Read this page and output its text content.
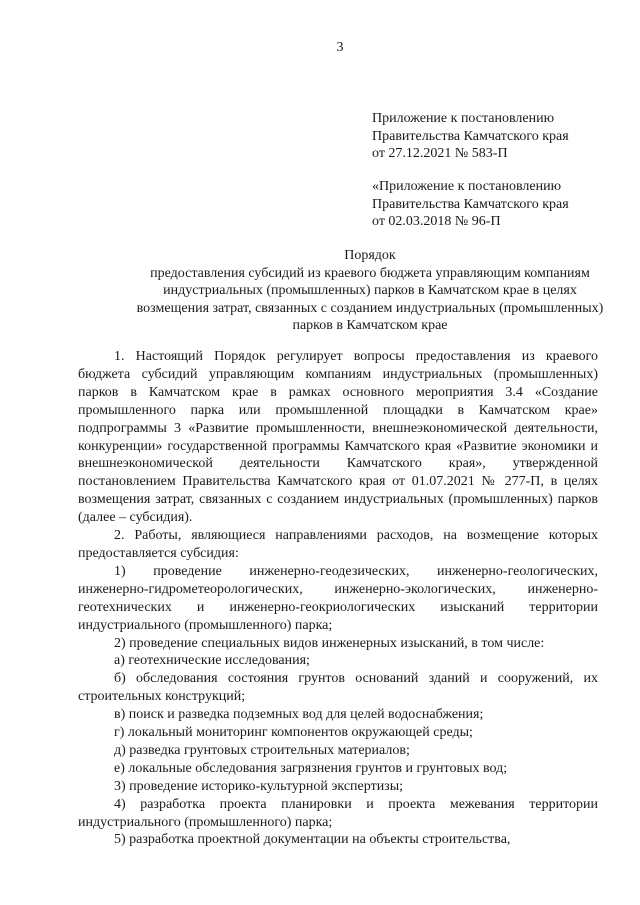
3
Приложение к постановлению
Правительства Камчатского края
от 27.12.2021 № 583-П
«Приложение к постановлению
Правительства Камчатского края
от 02.03.2018 № 96-П
Порядок
предоставления субсидий из краевого бюджета управляющим компаниям
индустриальных (промышленных) парков в Камчатском крае в целях
возмещения затрат, связанных с созданием индустриальных (промышленных)
парков в Камчатском крае

1. Настоящий Порядок регулирует вопросы предоставления из краевого бюджета субсидий управляющим компаниям индустриальных (промышленных) парков в Камчатском крае в рамках основного мероприятия 3.4 «Создание промышленного парка или промышленной площадки в Камчатском крае» подпрограммы 3 «Развитие промышленности, внешнеэкономической деятельности, конкуренции» государственной программы Камчатского края «Развитие экономики и внешнеэкономической деятельности Камчатского края», утвержденной постановлением Правительства Камчатского края от 01.07.2021 № 277-П, в целях возмещения затрат, связанных с созданием индустриальных (промышленных) парков (далее – субсидия).

2. Работы, являющиеся направлениями расходов, на возмещение которых предоставляется субсидия:

1) проведение инженерно-геодезических, инженерно-геологических, инженерно-гидрометеорологических, инженерно-экологических, инженерно-геотехнических и инженерно-геокриологических изысканий территории индустриального (промышленного) парка;

2) проведение специальных видов инженерных изысканий, в том числе:

а) геотехнические исследования;

б) обследования состояния грунтов оснований зданий и сооружений, их строительных конструкций;

в) поиск и разведка подземных вод для целей водоснабжения;

г) локальный мониторинг компонентов окружающей среды;

д) разведка грунтовых строительных материалов;

е) локальные обследования загрязнения грунтов и грунтовых вод;

3) проведение историко-культурной экспертизы;

4) разработка проекта планировки и проекта межевания территории индустриального (промышленного) парка;

5) разработка проектной документации на объекты строительства,
